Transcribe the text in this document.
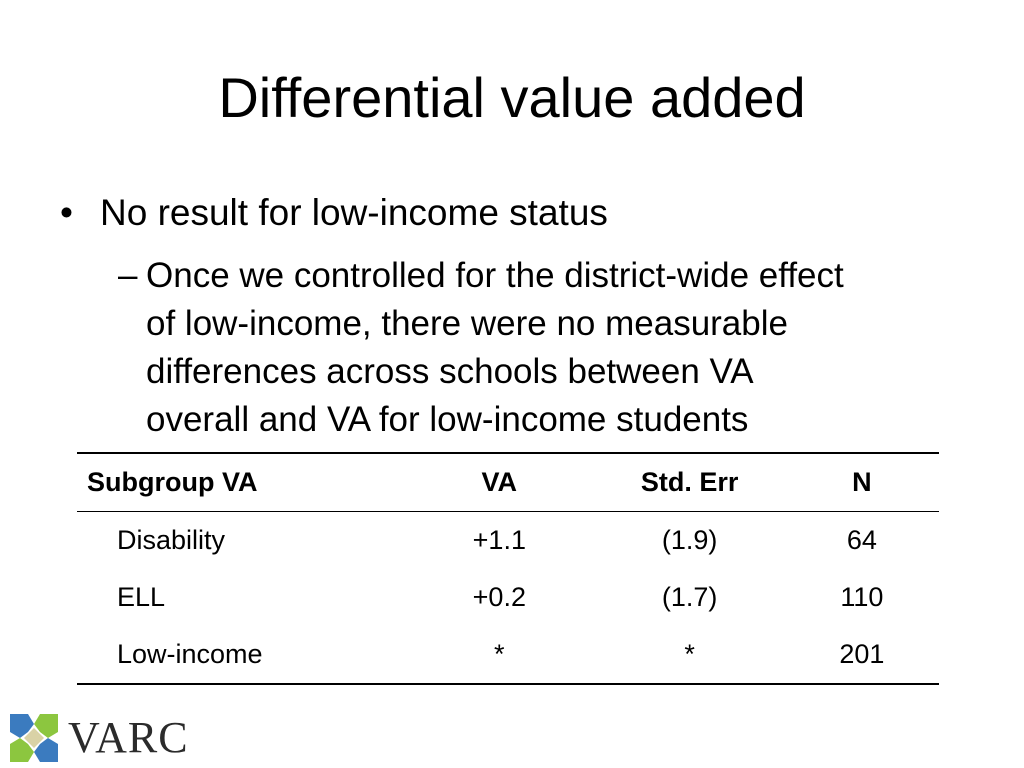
Differential value added
• No result for low-income status
– Once we controlled for the district-wide effect
of low-income, there were no measurable
differences across schools between VA
overall and VA for low-income students
Subgroup VA	VA	Std. Err	N
Disability	+1.1	(1.9)	64
ELL	+0.2	(1.7)	110
Low-income	*	*	201
VARC
